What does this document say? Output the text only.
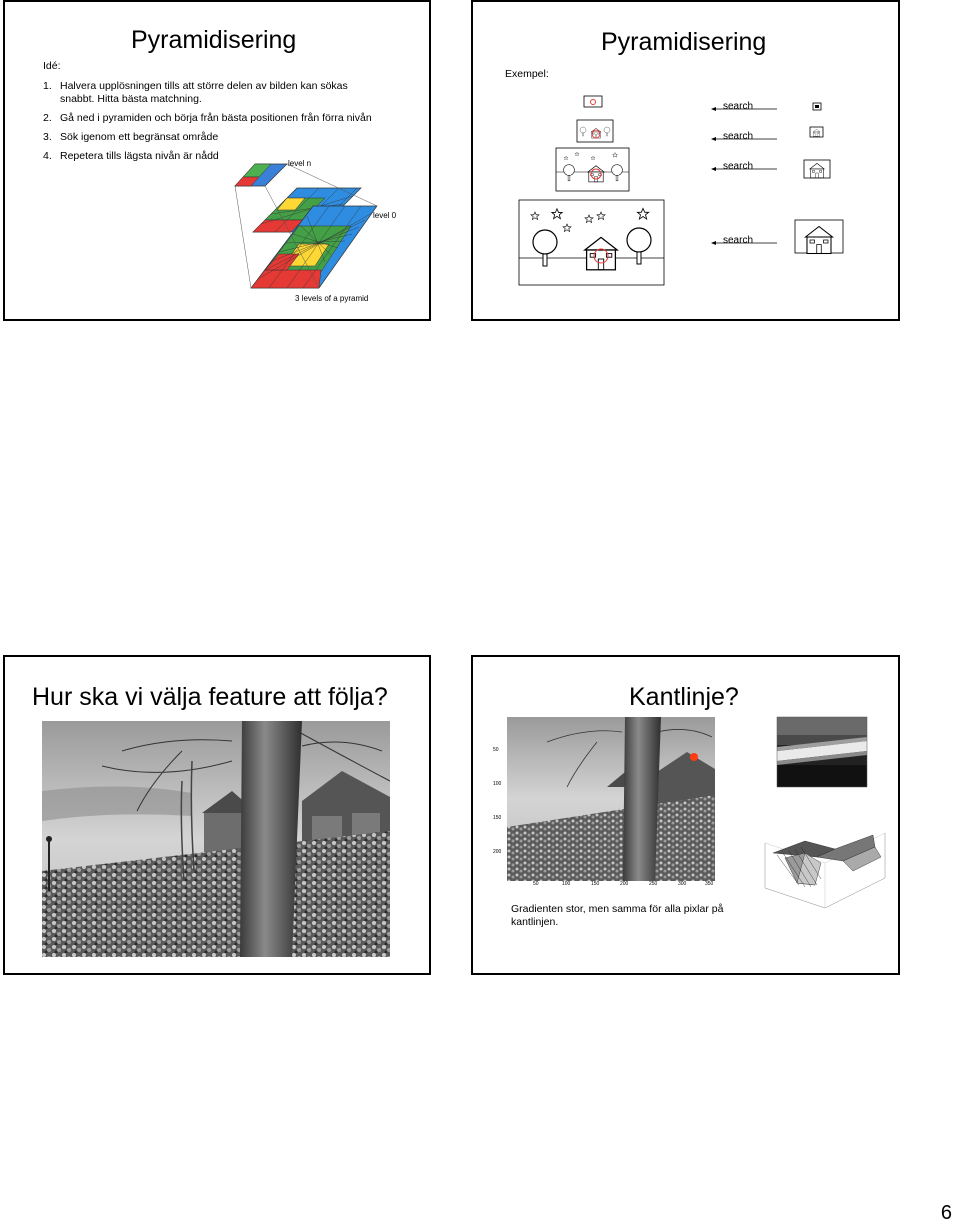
Pyramidisering
Idé:
1. Halvera upplösningen tills att större delen av bilden kan sökas snabbt. Hitta bästa matchning.
2. Gå ned i pyramiden och börja från bästa positionen från förra nivån
3. Sök igenom ett begränsat område
4. Repetera tills lägsta nivån är nådd
level n
level 0
3 levels of a pyramid
Pyramidisering
Exempel:
search
search
search
search
Hur ska vi välja feature att följa?	Kantlinje?
50
100
150
200
50	100	150	200	250	300	350
Gradienten stor, men samma för alla pixlar på kantlinjen.
6
